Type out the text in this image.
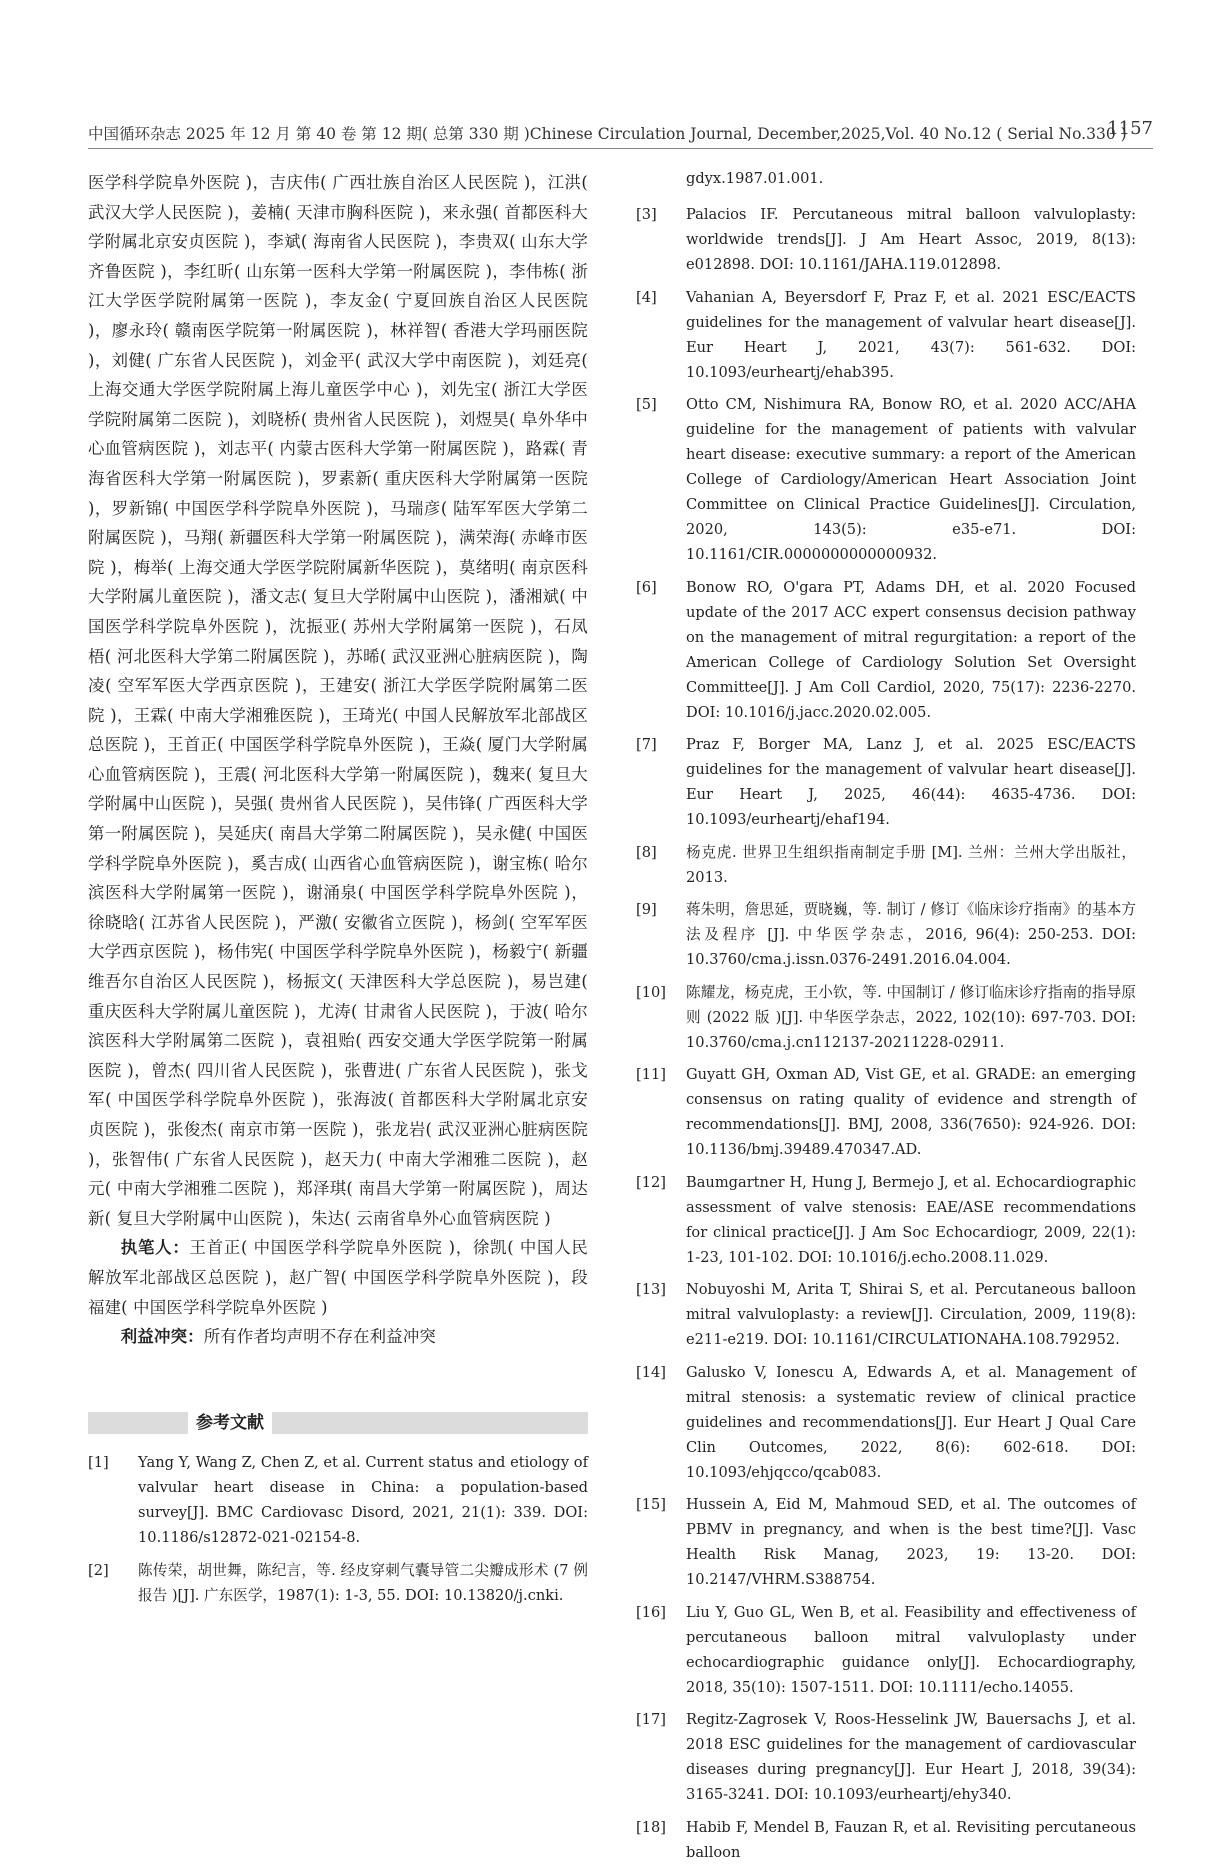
中国循环杂志 2025 年 12 月 第 40 卷 第 12 期( 总第 330 期 )Chinese Circulation Journal, December,2025,Vol. 40 No.12 ( Serial No.330 )
1157

医学科学院阜外医院 )，吉庆伟( 广西壮族自治区人民医院 )，江洪( 武汉大学人民医院 )，姜楠( 天津市胸科医院 )，来永强( 首都医科大学附属北京安贞医院 )，李斌( 海南省人民医院 )，李贵双( 山东大学齐鲁医院 )，李红昕( 山东第一医科大学第一附属医院 )，李伟栋( 浙江大学医学院附属第一医院 )，李友金( 宁夏回族自治区人民医院 )，廖永玲( 赣南医学院第一附属医院 )，林祥智( 香港大学玛丽医院 )，刘健( 广东省人民医院 )，刘金平( 武汉大学中南医院 )，刘廷亮( 上海交通大学医学院附属上海儿童医学中心 )，刘先宝( 浙江大学医学院附属第二医院 )，刘晓桥( 贵州省人民医院 )，刘煜昊( 阜外华中心血管病医院 )，刘志平( 内蒙古医科大学第一附属医院 )，路霖( 青海省医科大学第一附属医院 )，罗素新( 重庆医科大学附属第一医院 )，罗新锦( 中国医学科学院阜外医院 )，马瑞彦( 陆军军医大学第二附属医院 )，马翔( 新疆医科大学第一附属医院 )，满荣海( 赤峰市医院 )，梅举( 上海交通大学医学院附属新华医院 )，莫绪明( 南京医科大学附属儿童医院 )，潘文志( 复旦大学附属中山医院 )，潘湘斌( 中国医学科学院阜外医院 )，沈振亚( 苏州大学附属第一医院 )，石凤梧( 河北医科大学第二附属医院 )，苏晞( 武汉亚洲心脏病医院 )，陶凌( 空军军医大学西京医院 )，王建安( 浙江大学医学院附属第二医院 )，王霖( 中南大学湘雅医院 )，王琦光( 中国人民解放军北部战区总医院 )，王首正( 中国医学科学院阜外医院 )，王焱( 厦门大学附属心血管病医院 )，王震( 河北医科大学第一附属医院 )，魏来( 复旦大学附属中山医院 )，吴强( 贵州省人民医院 )，吴伟锋( 广西医科大学第一附属医院 )，吴延庆( 南昌大学第二附属医院 )，吴永健( 中国医学科学院阜外医院 )，奚吉成( 山西省心血管病医院 )，谢宝栋( 哈尔滨医科大学附属第一医院 )，谢涌泉( 中国医学科学院阜外医院 )，徐晓晗( 江苏省人民医院 )，严激( 安徽省立医院 )，杨剑( 空军军医大学西京医院 )，杨伟宪( 中国医学科学院阜外医院 )，杨毅宁( 新疆维吾尔自治区人民医院 )，杨振文( 天津医科大学总医院 )，易岂建( 重庆医科大学附属儿童医院 )，尤涛( 甘肃省人民医院 )，于波( 哈尔滨医科大学附属第二医院 )，袁祖贻( 西安交通大学医学院第一附属医院 )，曾杰( 四川省人民医院 )，张曹进( 广东省人民医院 )，张戈军( 中国医学科学院阜外医院 )，张海波( 首都医科大学附属北京安贞医院 )，张俊杰( 南京市第一医院 )，张龙岩( 武汉亚洲心脏病医院 )，张智伟( 广东省人民医院 )，赵天力( 中南大学湘雅二医院 )，赵元( 中南大学湘雅二医院 )，郑泽琪( 南昌大学第一附属医院 )，周达新( 复旦大学附属中山医院 )，朱达( 云南省阜外心血管病医院 )

执笔人：王首正( 中国医学科学院阜外医院 )，徐凯( 中国人民解放军北部战区总医院 )，赵广智( 中国医学科学院阜外医院 )，段福建( 中国医学科学院阜外医院 )

利益冲突：所有作者均声明不存在利益冲突

参考文献
[1] Yang Y, Wang Z, Chen Z, et al. Current status and etiology of valvular heart disease in China: a population-based survey[J]. BMC Cardiovasc Disord, 2021, 21(1): 339. DOI: 10.1186/s12872-021-02154-8.
[2] 陈传荣，胡世舞，陈纪言，等. 经皮穿刺气囊导管二尖瓣成形术 (7 例报告 )[J]. 广东医学，1987(1): 1-3, 55. DOI: 10.13820/j.cnki.
gdyx.1987.01.001.
[3] Palacios IF. Percutaneous mitral balloon valvuloplasty: worldwide trends[J]. J Am Heart Assoc, 2019, 8(13): e012898. DOI: 10.1161/JAHA.119.012898.
[4] Vahanian A, Beyersdorf F, Praz F, et al. 2021 ESC/EACTS guidelines for the management of valvular heart disease[J]. Eur Heart J, 2021, 43(7): 561-632. DOI: 10.1093/eurheartj/ehab395.
[5] Otto CM, Nishimura RA, Bonow RO, et al. 2020 ACC/AHA guideline for the management of patients with valvular heart disease: executive summary: a report of the American College of Cardiology/American Heart Association Joint Committee on Clinical Practice Guidelines[J]. Circulation, 2020, 143(5): e35-e71. DOI: 10.1161/CIR.0000000000000932.
[6] Bonow RO, O'gara PT, Adams DH, et al. 2020 Focused update of the 2017 ACC expert consensus decision pathway on the management of mitral regurgitation: a report of the American College of Cardiology Solution Set Oversight Committee[J]. J Am Coll Cardiol, 2020, 75(17): 2236-2270. DOI: 10.1016/j.jacc.2020.02.005.
[7] Praz F, Borger MA, Lanz J, et al. 2025 ESC/EACTS guidelines for the management of valvular heart disease[J]. Eur Heart J, 2025, 46(44): 4635-4736. DOI: 10.1093/eurheartj/ehaf194.
[8] 杨克虎. 世界卫生组织指南制定手册 [M]. 兰州：兰州大学出版社，2013.
[9] 蒋朱明，詹思延，贾晓巍，等. 制订 / 修订《临床诊疗指南》的基本方法及程序 [J]. 中华医学杂志，2016, 96(4): 250-253. DOI: 10.3760/cma.j.issn.0376-2491.2016.04.004.
[10] 陈耀龙，杨克虎，王小钦，等. 中国制订 / 修订临床诊疗指南的指导原则 (2022 版 )[J]. 中华医学杂志，2022, 102(10): 697-703. DOI: 10.3760/cma.j.cn112137-20211228-02911.
[11] Guyatt GH, Oxman AD, Vist GE, et al. GRADE: an emerging consensus on rating quality of evidence and strength of recommendations[J]. BMJ, 2008, 336(7650): 924-926. DOI: 10.1136/bmj.39489.470347.AD.
[12] Baumgartner H, Hung J, Bermejo J, et al. Echocardiographic assessment of valve stenosis: EAE/ASE recommendations for clinical practice[J]. J Am Soc Echocardiogr, 2009, 22(1): 1-23, 101-102. DOI: 10.1016/j.echo.2008.11.029.
[13] Nobuyoshi M, Arita T, Shirai S, et al. Percutaneous balloon mitral valvuloplasty: a review[J]. Circulation, 2009, 119(8): e211-e219. DOI: 10.1161/CIRCULATIONAHA.108.792952.
[14] Galusko V, Ionescu A, Edwards A, et al. Management of mitral stenosis: a systematic review of clinical practice guidelines and recommendations[J]. Eur Heart J Qual Care Clin Outcomes, 2022, 8(6): 602-618. DOI: 10.1093/ehjqcco/qcab083.
[15] Hussein A, Eid M, Mahmoud SED, et al. The outcomes of PBMV in pregnancy, and when is the best time?[J]. Vasc Health Risk Manag, 2023, 19: 13-20. DOI: 10.2147/VHRM.S388754.
[16] Liu Y, Guo GL, Wen B, et al. Feasibility and effectiveness of percutaneous balloon mitral valvuloplasty under echocardiographic guidance only[J]. Echocardiography, 2018, 35(10): 1507-1511. DOI: 10.1111/echo.14055.
[17] Regitz-Zagrosek V, Roos-Hesselink JW, Bauersachs J, et al. 2018 ESC guidelines for the management of cardiovascular diseases during pregnancy[J]. Eur Heart J, 2018, 39(34): 3165-3241. DOI: 10.1093/eurheartj/ehy340.
[18] Habib F, Mendel B, Fauzan R, et al. Revisiting percutaneous balloon
